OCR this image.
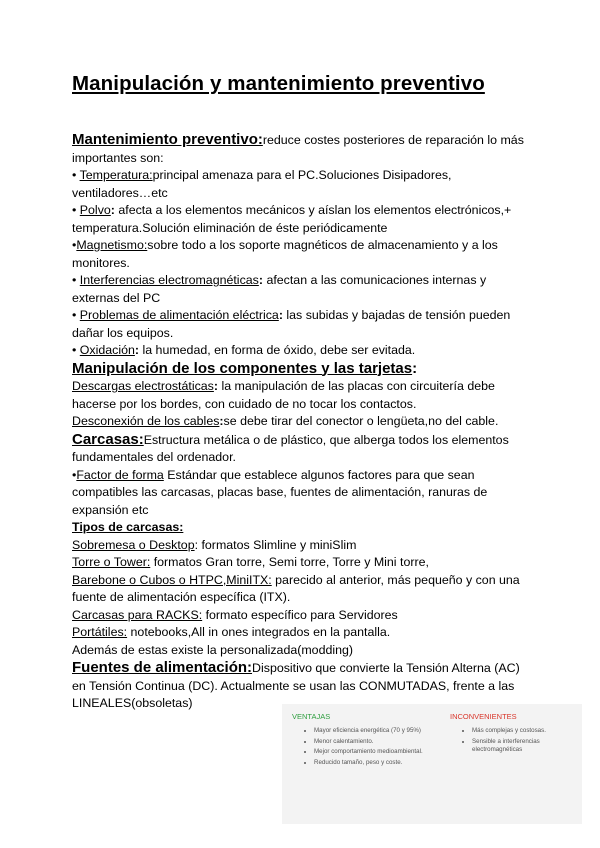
Manipulación y mantenimiento preventivo

Mantenimiento preventivo:reduce costes posteriores de reparación lo más importantes son:

• Temperatura:principal amenaza para el PC.Soluciones Disipadores, ventiladores…etc

• Polvo: afecta a los elementos mecánicos y aíslan los elementos electrónicos,+ temperatura.Solución eliminación de éste periódicamente

•Magnetismo:sobre todo a los soporte magnéticos de almacenamiento y a los monitores.

• Interferencias electromagnéticas: afectan a las comunicaciones internas y externas del PC

• Problemas de alimentación eléctrica: las subidas y bajadas de tensión pueden dañar los equipos.

• Oxidación: la humedad, en forma de óxido, debe ser evitada.

Manipulación de los componentes y las tarjetas:

Descargas electrostáticas: la manipulación de las placas con circuitería debe hacerse por los bordes, con cuidado de no tocar los contactos.

Desconexión de los cables:se debe tirar del conector o lengüeta,no del cable.

Carcasas:Estructura metálica o de plástico, que alberga todos los elementos fundamentales del ordenador.

•Factor de forma Estándar que establece algunos factores para que sean compatibles las carcasas, placas base, fuentes de alimentación, ranuras de expansión etc

Tipos de carcasas:

Sobremesa o Desktop: formatos Slimline y miniSlim

Torre o Tower: formatos Gran torre, Semi torre, Torre y Mini torre,

Barebone o Cubos o HTPC,MiniITX: parecido al anterior, más pequeño y con una fuente de alimentación específica (ITX).

Carcasas para RACKS: formato específico para Servidores

Portátiles: notebooks,All in ones integrados en la pantalla.

Además de estas existe la personalizada(modding)

Fuentes de alimentación:Dispositivo que convierte la Tensión Alterna (AC) en Tensión Continua (DC). Actualmente se usan las CONMUTADAS, frente a las LINEALES(obsoletas)

VENTAJAS
• Mayor eficiencia energética (70 y 95%)
• Menor calentamiento.
• Mejor comportamiento medioambiental.
• Reducido tamaño, peso y coste.
INCONVENIENTES
• Más complejas y costosas.
• Sensible a interferencias electromagnéticas
